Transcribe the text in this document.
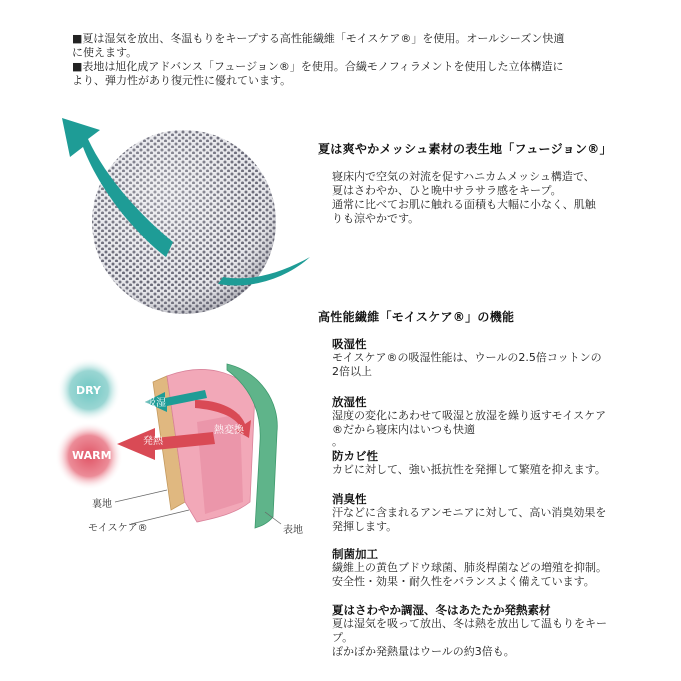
■夏は湿気を放出、冬温もりをキープする高性能繊維「モイスケア®」を使用。オールシーズン快適

に使えます。

■表地は旭化成アドバンス「フュージョン®」を使用。合繊モノフィラメントを使用した立体構造に

より、弾力性があり復元性に優れています。

夏は爽やかメッシュ素材の表生地「フュージョン®」

寝床内で空気の対流を促すハニカムメッシュ構造で、

夏はさわやか、ひと晩中サラサラ感をキープ。

通常に比べてお肌に触れる面積も大幅に小なく、肌触

りも涼やかです。

高性能繊維「モイスケア®」の機能
吸湿性

モイスケア®の吸湿性能は、ウールの2.5倍コットンの

2倍以上

放湿性

湿度の変化にあわせて吸湿と放湿を繰り返すモイスケア

®だから寝床内はいつも快適

。

防カビ性

カビに対して、強い抵抗性を発揮して繁殖を抑えます。

消臭性

汗などに含まれるアンモニアに対して、高い消臭効果を

発揮します。

制菌加工

繊維上の黄色ブドウ球菌、肺炎桿菌などの増殖を抑制。

安全性・効果・耐久性をバランスよく備えています。

夏はさわやか調湿、冬はあたたか発熱素材

夏は湿気を吸って放出、冬は熱を放出して温もりをキー

プ。

ぽかぽか発熱量はウールの約3倍も。

DRY
WARM
吸湿
発熱
熱変換
裏地
モイスケア®	表地
